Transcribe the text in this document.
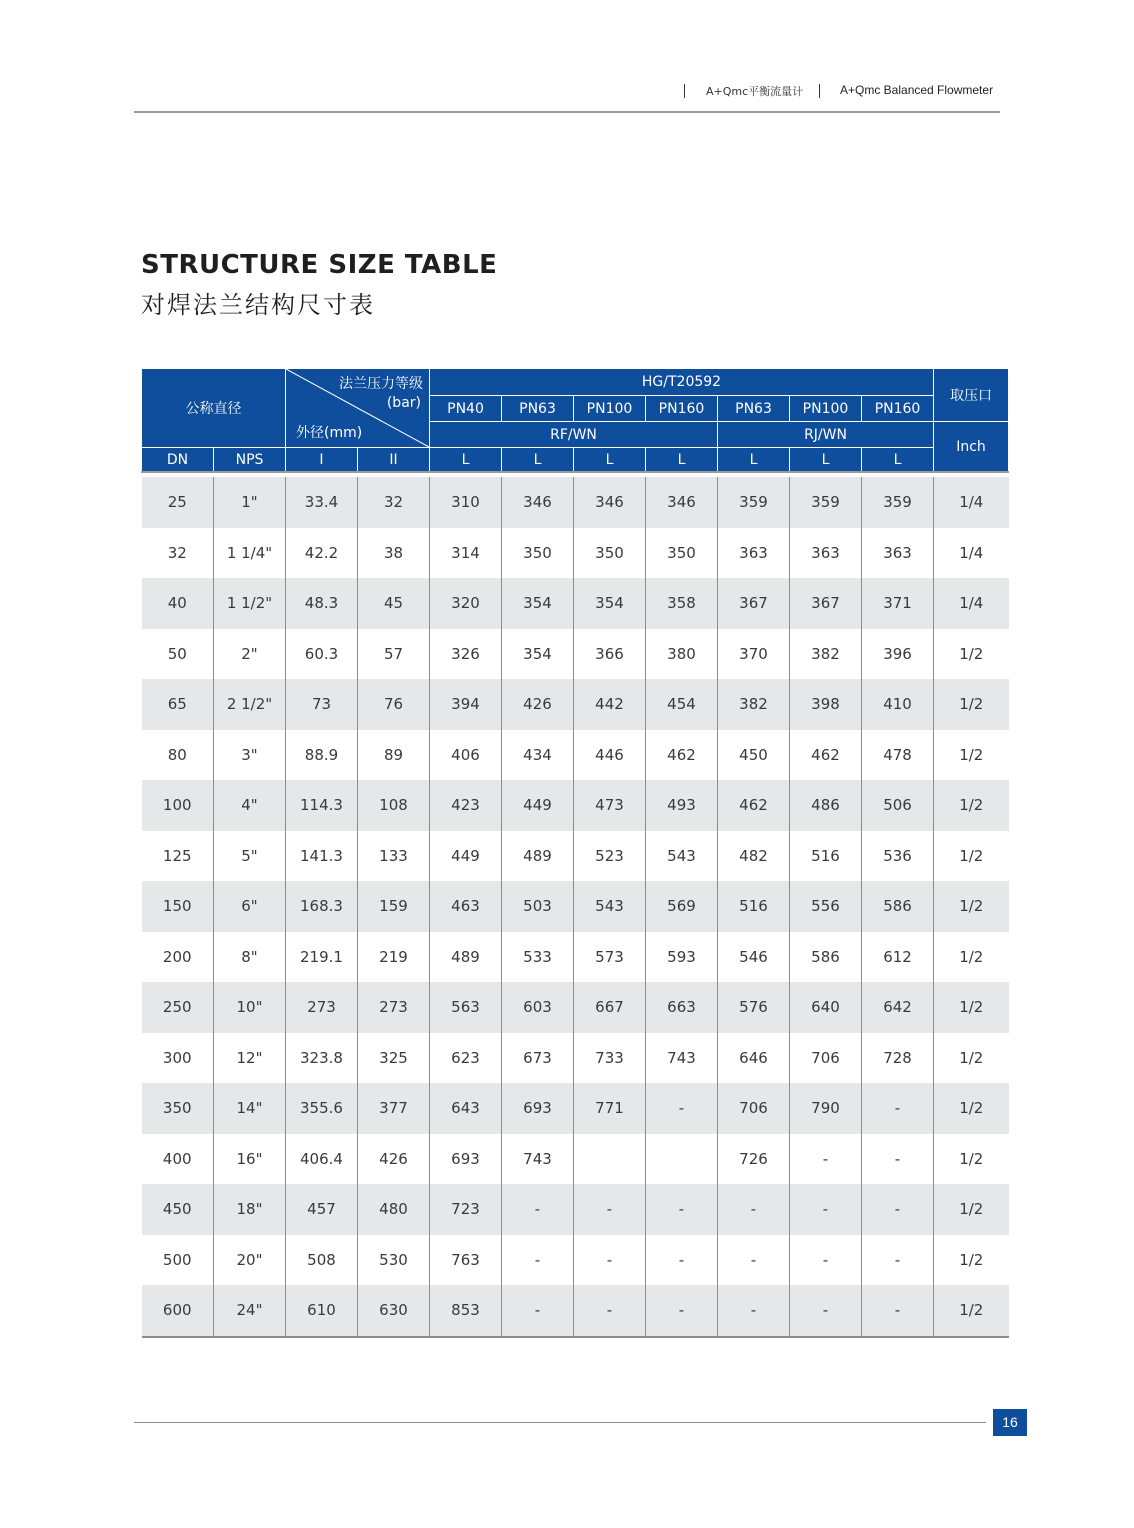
A+Qmc平衡流量计	A+Qmc Balanced Flowmeter
STRUCTURE SIZE TABLE
对焊法兰结构尺寸表
公称直径		法兰压力等级
(bar)
外径(mm)		HG/T20592							取压口
				PN40	PN63	PN100	PN160	PN63	PN100	PN160	
				RF/WN				RJ/WN			Inch
DN	NPS	I	II	L	L	L	L	L	L	L	

25	1"	33.4	32	310	346	346	346	359	359	359	1/4
32	1 1/4"	42.2	38	314	350	350	350	363	363	363	1/4
40	1 1/2"	48.3	45	320	354	354	358	367	367	371	1/4
50	2"	60.3	57	326	354	366	380	370	382	396	1/2
65	2 1/2"	73	76	394	426	442	454	382	398	410	1/2
80	3"	88.9	89	406	434	446	462	450	462	478	1/2
100	4"	114.3	108	423	449	473	493	462	486	506	1/2
125	5"	141.3	133	449	489	523	543	482	516	536	1/2
150	6"	168.3	159	463	503	543	569	516	556	586	1/2
200	8"	219.1	219	489	533	573	593	546	586	612	1/2
250	10"	273	273	563	603	667	663	576	640	642	1/2
300	12"	323.8	325	623	673	733	743	646	706	728	1/2
350	14"	355.6	377	643	693	771	-	706	790	-	1/2
400	16"	406.4	426	693	743			726	-	-	1/2
450	18"	457	480	723	-	-	-	-	-	-	1/2
500	20"	508	530	763	-	-	-	-	-	-	1/2
600	24"	610	630	853	-	-	-	-	-	-	1/2
16
